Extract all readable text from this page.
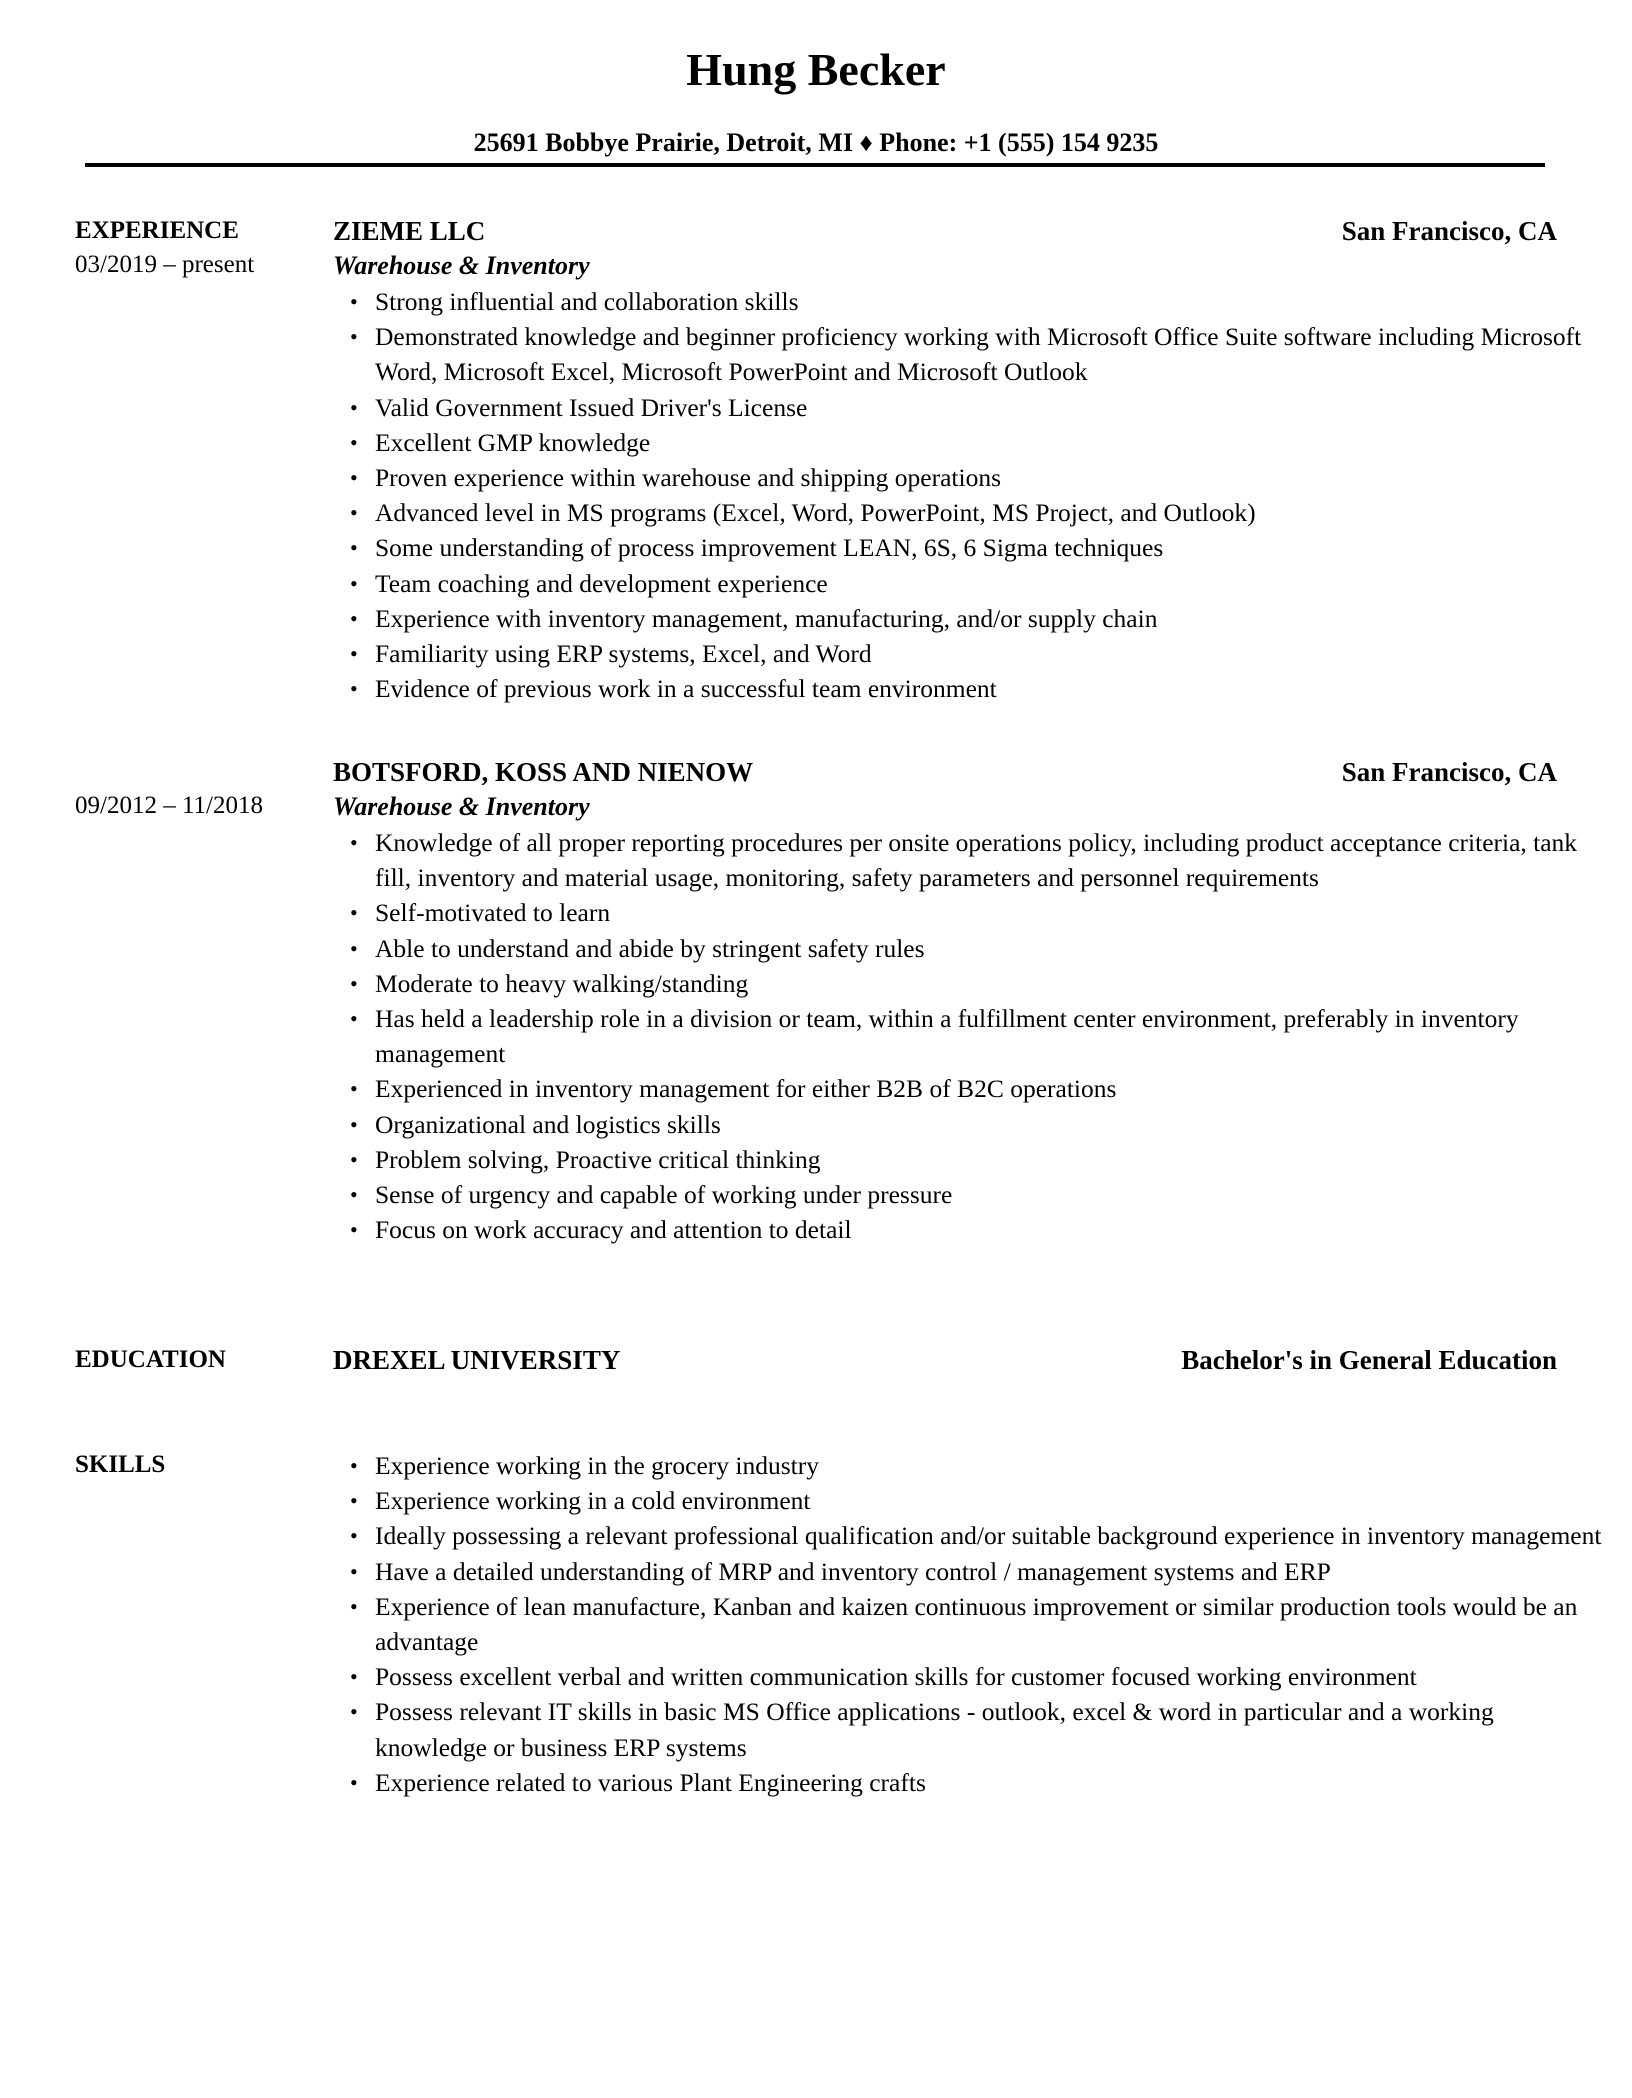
Hung Becker
25691 Bobbye Prairie, Detroit, MI ♦ Phone: +1 (555) 154 9235
EXPERIENCE
03/2019 – present
ZIEME LLC	San Francisco, CA
Warehouse & Inventory
• Strong influential and collaboration skills
• Demonstrated knowledge and beginner proficiency working with Microsoft Office Suite software including Microsoft Word, Microsoft Excel, Microsoft PowerPoint and Microsoft Outlook
• Valid Government Issued Driver's License
• Excellent GMP knowledge
• Proven experience within warehouse and shipping operations
• Advanced level in MS programs (Excel, Word, PowerPoint, MS Project, and Outlook)
• Some understanding of process improvement LEAN, 6S, 6 Sigma techniques
• Team coaching and development experience
• Experience with inventory management, manufacturing, and/or supply chain
• Familiarity using ERP systems, Excel, and Word
• Evidence of previous work in a successful team environment
BOTSFORD, KOSS AND NIENOW	San Francisco, CA
09/2012 – 11/2018	Warehouse & Inventory
• Knowledge of all proper reporting procedures per onsite operations policy, including product acceptance criteria, tank fill, inventory and material usage, monitoring, safety parameters and personnel requirements
• Self-motivated to learn
• Able to understand and abide by stringent safety rules
• Moderate to heavy walking/standing
• Has held a leadership role in a division or team, within a fulfillment center environment, preferably in inventory management
• Experienced in inventory management for either B2B of B2C operations
• Organizational and logistics skills
• Problem solving, Proactive critical thinking
• Sense of urgency and capable of working under pressure
• Focus on work accuracy and attention to detail
EDUCATION	DREXEL UNIVERSITY	Bachelor's in General Education
SKILLS	• Experience working in the grocery industry
• Experience working in a cold environment
• Ideally possessing a relevant professional qualification and/or suitable background experience in inventory management
• Have a detailed understanding of MRP and inventory control / management systems and ERP
• Experience of lean manufacture, Kanban and kaizen continuous improvement or similar production tools would be an advantage
• Possess excellent verbal and written communication skills for customer focused working environment
• Possess relevant IT skills in basic MS Office applications - outlook, excel & word in particular and a working knowledge or business ERP systems
• Experience related to various Plant Engineering crafts
